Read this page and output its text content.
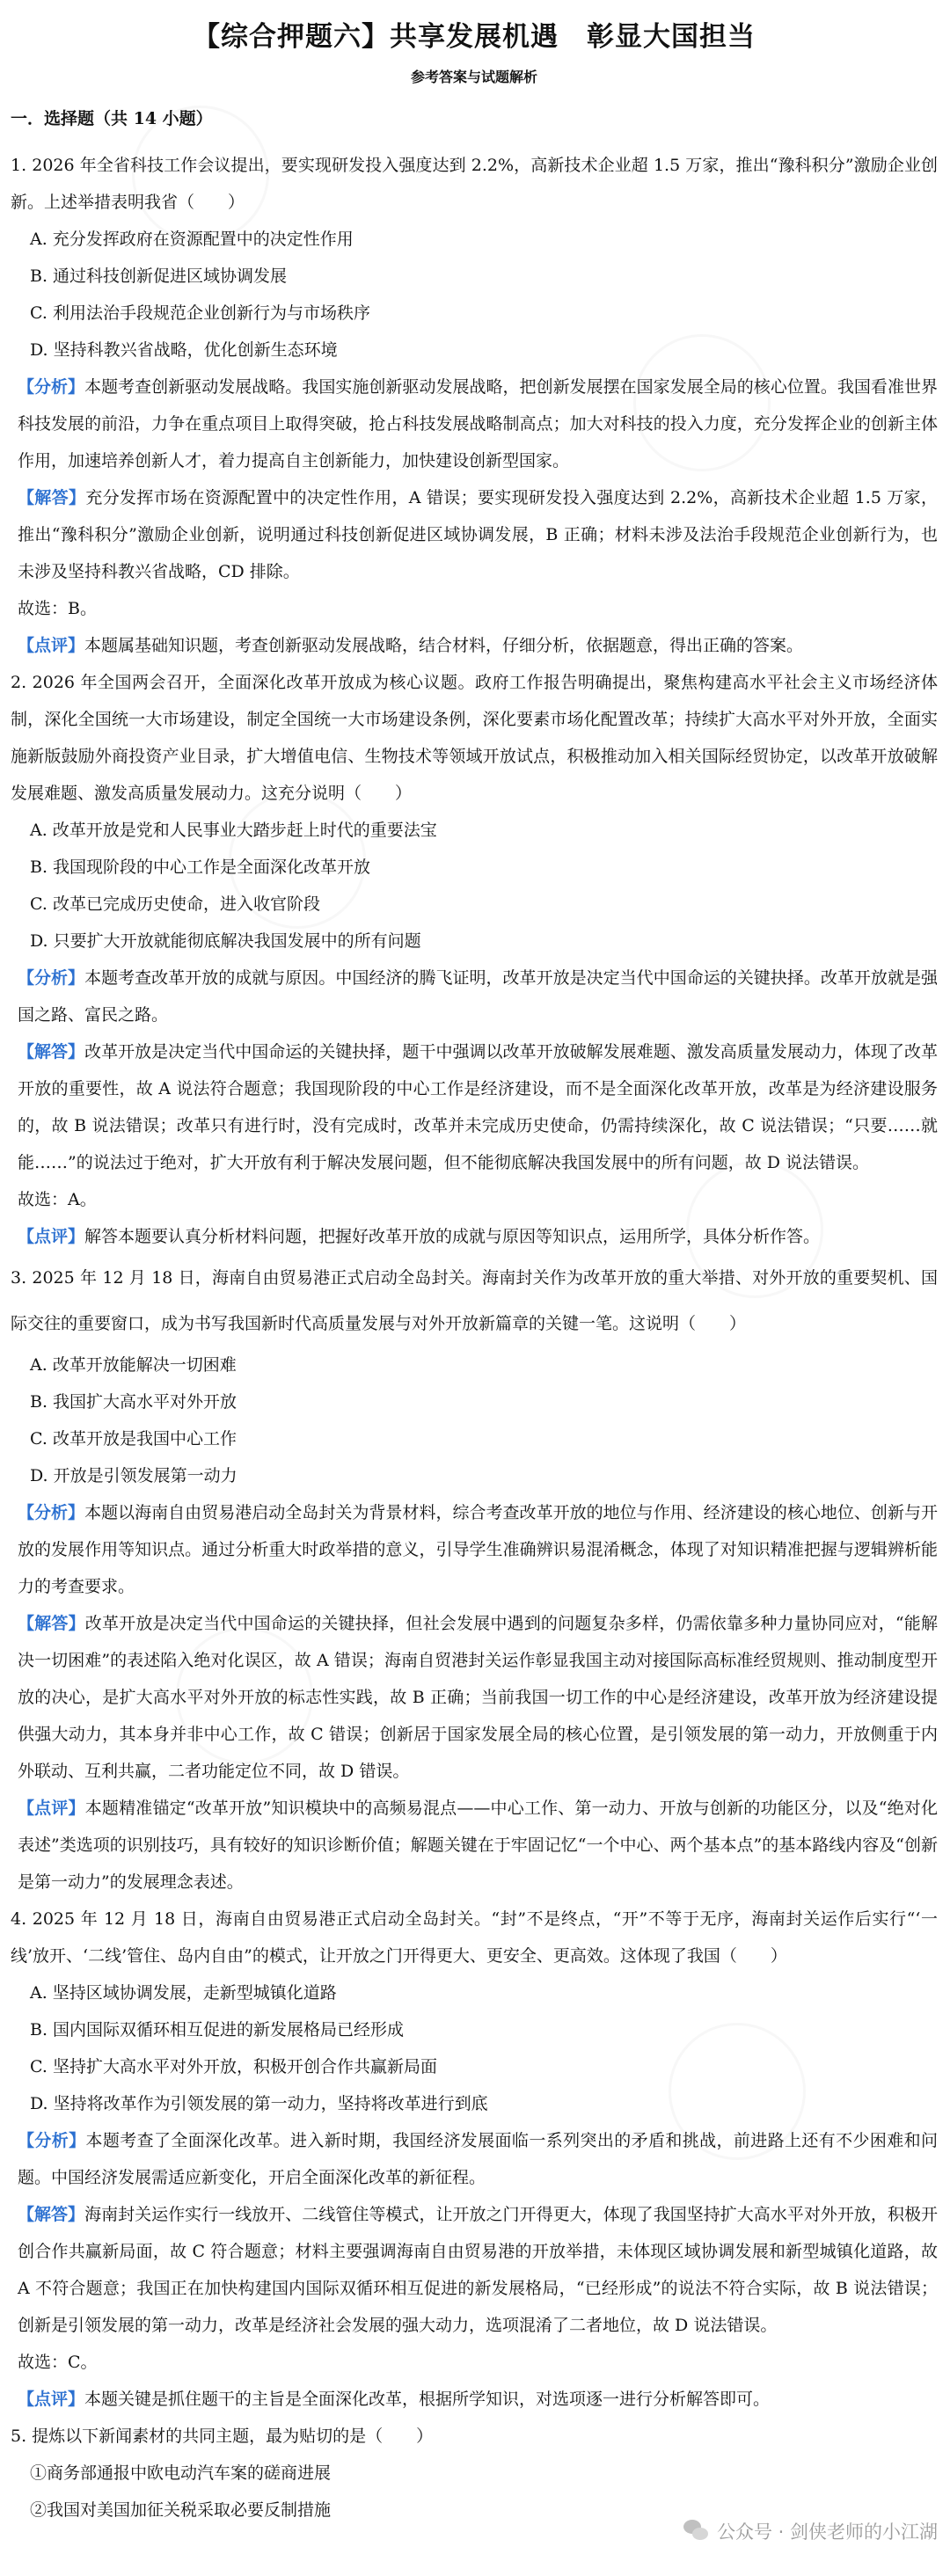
【综合押题六】共享发展机遇　彰显大国担当
参考答案与试题解析
一．选择题（共 14 小题）

1. 2026 年全省科技工作会议提出，要实现研发投入强度达到 2.2%，高新技术企业超 1.5 万家，推出“豫科积分”激励企业创新。上述举措表明我省（　　）

A. 充分发挥政府在资源配置中的决定性作用
B. 通过科技创新促进区域协调发展
C. 利用法治手段规范企业创新行为与市场秩序
D. 坚持科教兴省战略，优化创新生态环境

【分析】本题考查创新驱动发展战略。我国实施创新驱动发展战略，把创新发展摆在国家发展全局的核心位置。我国看准世界科技发展的前沿，力争在重点项目上取得突破，抢占科技发展战略制高点；加大对科技的投入力度，充分发挥企业的创新主体作用，加速培养创新人才，着力提高自主创新能力，加快建设创新型国家。

【解答】充分发挥市场在资源配置中的决定性作用，A 错误；要实现研发投入强度达到 2.2%，高新技术企业超 1.5 万家，推出“豫科积分”激励企业创新，说明通过科技创新促进区域协调发展，B 正确；材料未涉及法治手段规范企业创新行为，也未涉及坚持科教兴省战略，CD 排除。

故选：B。

【点评】本题属基础知识题，考查创新驱动发展战略，结合材料，仔细分析，依据题意，得出正确的答案。

2. 2026 年全国两会召开，全面深化改革开放成为核心议题。政府工作报告明确提出，聚焦构建高水平社会主义市场经济体制，深化全国统一大市场建设，制定全国统一大市场建设条例，深化要素市场化配置改革；持续扩大高水平对外开放，全面实施新版鼓励外商投资产业目录，扩大增值电信、生物技术等领域开放试点，积极推动加入相关国际经贸协定，以改革开放破解发展难题、激发高质量发展动力。这充分说明（　　）

A. 改革开放是党和人民事业大踏步赶上时代的重要法宝
B. 我国现阶段的中心工作是全面深化改革开放
C. 改革已完成历史使命，进入收官阶段
D. 只要扩大开放就能彻底解决我国发展中的所有问题

【分析】本题考查改革开放的成就与原因。中国经济的腾飞证明，改革开放是决定当代中国命运的关键抉择。改革开放就是强国之路、富民之路。

【解答】改革开放是决定当代中国命运的关键抉择，题干中强调以改革开放破解发展难题、激发高质量发展动力，体现了改革开放的重要性，故 A 说法符合题意；我国现阶段的中心工作是经济建设，而不是全面深化改革开放，改革是为经济建设服务的，故 B 说法错误；改革只有进行时，没有完成时，改革并未完成历史使命，仍需持续深化，故 C 说法错误；“只要……就能……”的说法过于绝对，扩大开放有利于解决发展问题，但不能彻底解决我国发展中的所有问题，故 D 说法错误。

故选：A。

【点评】解答本题要认真分析材料问题，把握好改革开放的成就与原因等知识点，运用所学，具体分析作答。

3. 2025 年 12 月 18 日，海南自由贸易港正式启动全岛封关。海南封关作为改革开放的重大举措、对外开放的重要契机、国际交往的重要窗口，成为书写我国新时代高质量发展与对外开放新篇章的关键一笔。这说明（　　）

A. 改革开放能解决一切困难
B. 我国扩大高水平对外开放
C. 改革开放是我国中心工作
D. 开放是引领发展第一动力

【分析】本题以海南自由贸易港启动全岛封关为背景材料，综合考查改革开放的地位与作用、经济建设的核心地位、创新与开放的发展作用等知识点。通过分析重大时政举措的意义，引导学生准确辨识易混淆概念，体现了对知识精准把握与逻辑辨析能力的考查要求。

【解答】改革开放是决定当代中国命运的关键抉择，但社会发展中遇到的问题复杂多样，仍需依靠多种力量协同应对，“能解决一切困难”的表述陷入绝对化误区，故 A 错误；海南自贸港封关运作彰显我国主动对接国际高标准经贸规则、推动制度型开放的决心，是扩大高水平对外开放的标志性实践，故 B 正确；当前我国一切工作的中心是经济建设，改革开放为经济建设提供强大动力，其本身并非中心工作，故 C 错误；创新居于国家发展全局的核心位置，是引领发展的第一动力，开放侧重于内外联动、互利共赢，二者功能定位不同，故 D 错误。

【点评】本题精准锚定“改革开放”知识模块中的高频易混点——中心工作、第一动力、开放与创新的功能区分，以及“绝对化表述”类选项的识别技巧，具有较好的知识诊断价值；解题关键在于牢固记忆“一个中心、两个基本点”的基本路线内容及“创新是第一动力”的发展理念表述。

4. 2025 年 12 月 18 日，海南自由贸易港正式启动全岛封关。“封”不是终点，“开”不等于无序，海南封关运作后实行“‘一线’放开、‘二线’管住、岛内自由”的模式，让开放之门开得更大、更安全、更高效。这体现了我国（　　）

A. 坚持区域协调发展，走新型城镇化道路
B. 国内国际双循环相互促进的新发展格局已经形成
C. 坚持扩大高水平对外开放，积极开创合作共赢新局面
D. 坚持将改革作为引领发展的第一动力，坚持将改革进行到底

【分析】本题考查了全面深化改革。进入新时期，我国经济发展面临一系列突出的矛盾和挑战，前进路上还有不少困难和问题。中国经济发展需适应新变化，开启全面深化改革的新征程。

【解答】海南封关运作实行一线放开、二线管住等模式，让开放之门开得更大，体现了我国坚持扩大高水平对外开放，积极开创合作共赢新局面，故 C 符合题意；材料主要强调海南自由贸易港的开放举措，未体现区域协调发展和新型城镇化道路，故 A 不符合题意；我国正在加快构建国内国际双循环相互促进的新发展格局，“已经形成”的说法不符合实际，故 B 说法错误；创新是引领发展的第一动力，改革是经济社会发展的强大动力，选项混淆了二者地位，故 D 说法错误。

故选：C。

【点评】本题关键是抓住题干的主旨是全面深化改革，根据所学知识，对选项逐一进行分析解答即可。

5. 提炼以下新闻素材的共同主题，最为贴切的是（　　）

①商务部通报中欧电动汽车案的磋商进展
②我国对美国加征关税采取必要反制措施
公众号 · 剑侠老师的小江湖
